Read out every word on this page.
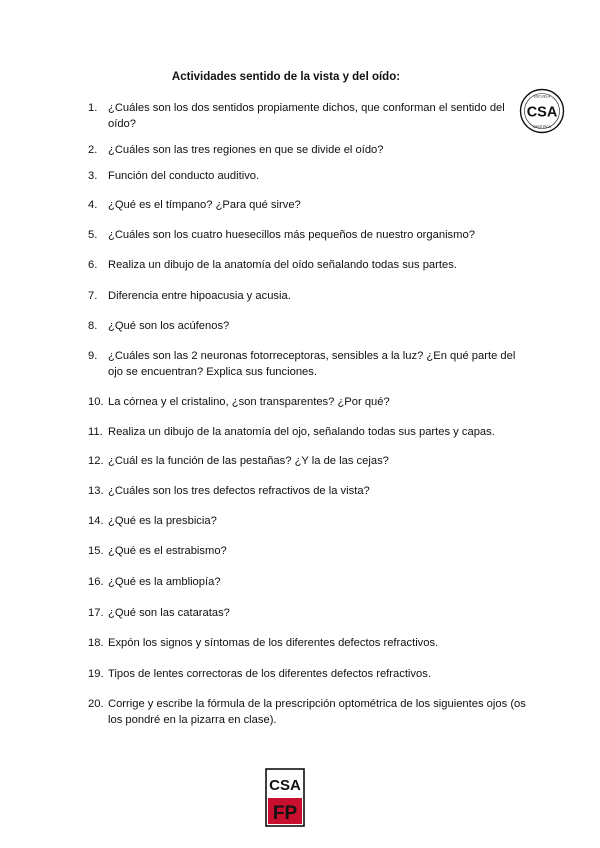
Actividades sentido de la vista y del oído:
ESCUELA
CSA
CIENTIFICA
1. ¿Cuáles son los dos sentidos propiamente dichos, que conforman el sentido del oído?
2. ¿Cuáles son las tres regiones en que se divide el oído?
3. Función del conducto auditivo.
4. ¿Qué es el tímpano? ¿Para qué sirve?
5. ¿Cuáles son los cuatro huesecillos más pequeños de nuestro organismo?
6. Realiza un dibujo de la anatomía del oído señalando todas sus partes.
7. Diferencia entre hipoacusia y acusia.
8. ¿Qué son los acúfenos?
9. ¿Cuáles son las 2 neuronas fotorreceptoras, sensibles a la luz? ¿En qué parte del ojo se encuentran? Explica sus funciones.
10. La córnea y el cristalino, ¿son transparentes? ¿Por qué?
11. Realiza un dibujo de la anatomía del ojo, señalando todas sus partes y capas.
12. ¿Cuál es la función de las pestañas? ¿Y la de las cejas?
13. ¿Cuáles son los tres defectos refractivos de la vista?
14. ¿Qué es la presbicia?
15. ¿Qué es el estrabismo?
16. ¿Qué es la ambliopía?
17. ¿Qué son las cataratas?
18. Expón los signos y síntomas de los diferentes defectos refractivos.
19. Tipos de lentes correctoras de los diferentes defectos refractivos.
20. Corrige y escribe la fórmula de la prescripción optométrica de los siguientes ojos (os los pondré en la pizarra en clase).
CSA
FP
